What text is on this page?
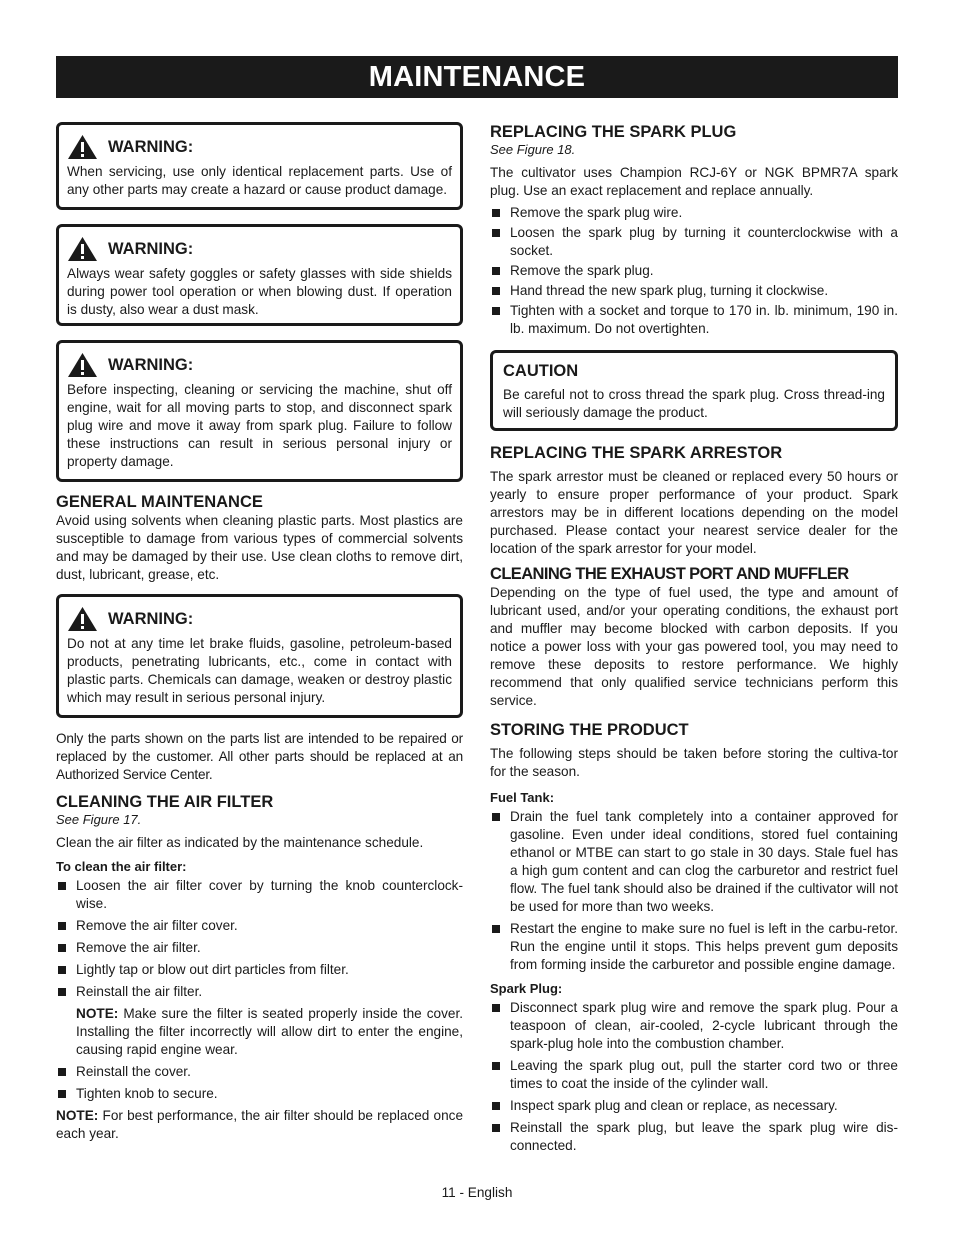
MAINTENANCE
WARNING:

When servicing, use only identical replacement parts. Use of any other parts may create a hazard or cause product damage.

WARNING:

Always wear safety goggles or safety glasses with side shields during power tool operation or when blowing dust. If operation is dusty, also wear a dust mask.

WARNING:

Before inspecting, cleaning or servicing the machine, shut off engine, wait for all moving parts to stop, and disconnect spark plug wire and move it away from spark plug. Failure to follow these instructions can result in serious personal injury or property damage.

GENERAL MAINTENANCE

Avoid using solvents when cleaning plastic parts. Most plastics are susceptible to damage from various types of commercial solvents and may be damaged by their use. Use clean cloths to remove dirt, dust, lubricant, grease, etc.

WARNING:

Do not at any time let brake fluids, gasoline, petroleum-based products, penetrating lubricants, etc., come in contact with plastic parts. Chemicals can damage, weaken or destroy plastic which may result in serious personal injury.

Only the parts shown on the parts list are intended to be repaired or replaced by the customer. All other parts should be replaced at an Authorized Service Center.

CLEANING THE AIR FILTER

See Figure 17.

Clean the air filter as indicated by the maintenance schedule.

To clean the air filter:
Loosen the air filter cover by turning the knob counterclock-wise.
Remove the air filter cover.
Remove the air filter.
Lightly tap or blow out dirt particles from filter.
Reinstall the air filter.
NOTE: Make sure the filter is seated properly inside the cover. Installing the filter incorrectly will allow dirt to enter the engine, causing rapid engine wear.
Reinstall the cover.
Tighten knob to secure.

NOTE: For best performance, the air filter should be replaced once each year.

REPLACING THE SPARK PLUG

See Figure 18.

The cultivator uses Champion RCJ-6Y or NGK BPMR7A spark plug. Use an exact replacement and replace annually.

Remove the spark plug wire.
Loosen the spark plug by turning it counterclockwise with a socket.
Remove the spark plug.
Hand thread the new spark plug, turning it clockwise.
Tighten with a socket and torque to 170 in. lb. minimum, 190 in. lb. maximum. Do not overtighten.
CAUTION

Be careful not to cross thread the spark plug. Cross thread-ing will seriously damage the product.

REPLACING THE SPARK ARRESTOR

The spark arrestor must be cleaned or replaced every 50 hours or yearly to ensure proper performance of your product. Spark arrestors may be in different locations depending on the model purchased. Please contact your nearest service dealer for the location of the spark arrestor for your model.

CLEANING THE EXHAUST PORT AND MUFFLER

Depending on the type of fuel used, the type and amount of lubricant used, and/or your operating conditions, the exhaust port and muffler may become blocked with carbon deposits. If you notice a power loss with your gas powered tool, you may need to remove these deposits to restore performance. We highly recommend that only qualified service technicians perform this service.

STORING THE PRODUCT

The following steps should be taken before storing the cultiva-tor for the season.

Fuel Tank:
Drain the fuel tank completely into a container approved for gasoline. Even under ideal conditions, stored fuel containing ethanol or MTBE can start to go stale in 30 days. Stale fuel has a high gum content and can clog the carburetor and restrict fuel flow. The fuel tank should also be drained if the cultivator will not be used for more than two weeks.
Restart the engine to make sure no fuel is left in the carbu-retor. Run the engine until it stops. This helps prevent gum deposits from forming inside the carburetor and possible engine damage.
Spark Plug:
Disconnect spark plug wire and remove the spark plug. Pour a teaspoon of clean, air-cooled, 2-cycle lubricant through the spark-plug hole into the combustion chamber.
Leaving the spark plug out, pull the starter cord two or three times to coat the inside of the cylinder wall.
Inspect spark plug and clean or replace, as necessary.
Reinstall the spark plug, but leave the spark plug wire dis-connected.
11 - English
